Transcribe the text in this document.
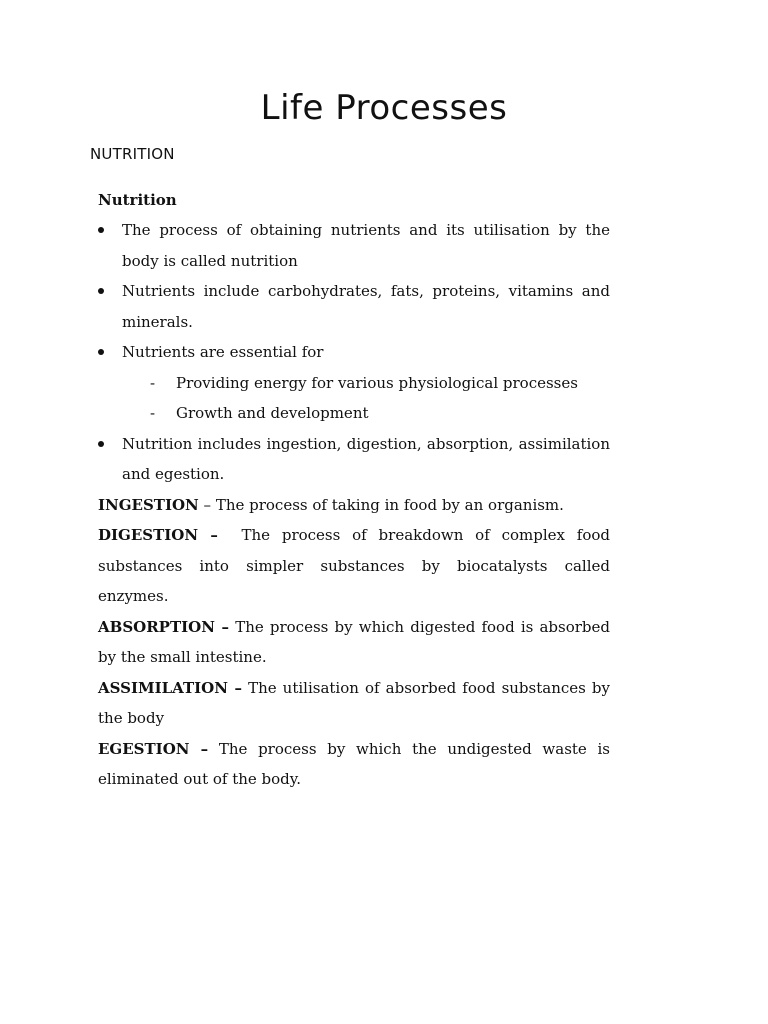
Life Processes
NUTRITION

Nutrition

The process of obtaining nutrients and its utilisation by the body is called nutrition
Nutrients include carbohydrates, fats, proteins, vitamins and minerals.
Nutrients are essential for
- Providing energy for various physiological processes
- Growth and development
Nutrition includes ingestion, digestion, absorption, assimilation and egestion.

INGESTION – The process of taking in food by an organism.

DIGESTION – The process of breakdown of complex food substances into simpler substances by biocatalysts called enzymes.

ABSORPTION – The process by which digested food is absorbed by the small intestine.

ASSIMILATION – The utilisation of absorbed food substances by the body

EGESTION – The process by which the undigested waste is eliminated out of the body.
